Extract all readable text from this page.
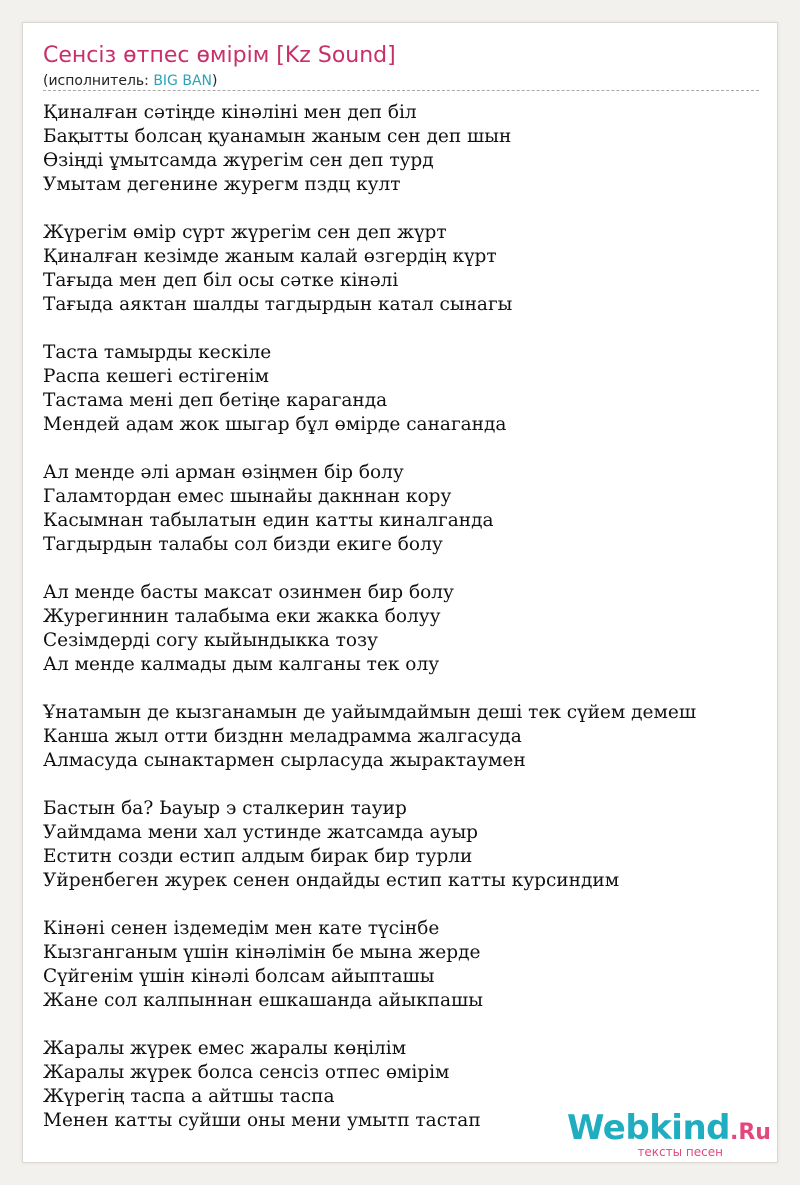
Сенсіз өтпес өмірім [Kz Sound]
(исполнитель: BIG BAN)
Қиналған сәтіңде кінәліні мен деп біл
Бақытты болсаң қуанамын жаным сен деп шын
Өзіңді ұмытсамда жүрегім сен деп турд
Умытам дегенине журегм пздц култ
Жүрегім өмір сүрт жүрегім сен деп жүрт
Қиналған кезімде жаным калай өзгердің күрт
Тағыда мен деп біл осы сәтке кінәлі
Тағыда аяктан шалды тагдырдын катал сынагы
Таста тамырды кескіле
Распа кешегі естігенім
Тастама мені деп бетіңе караганда
Мендей адам жок шыгар бұл өмірде санаганда
Ал менде әлі арман өзіңмен бір болу
Галамтордан емес шынайы дакннан кору
Касымнан табылатын един катты киналганда
Тагдырдын талабы сол бизди екиге болу
Ал менде басты максат озинмен бир болу
Журегиннин талабыма еки жакка болуу
Сезімдерді согу кыйындыкка тозу
Ал менде калмады дым калганы тек олу
Ұнатамын де кызганамын де уайымдаймын деші тек сүйем демеш
Канша жыл отти бизднн меладрамма жалгасуда
Алмасуда сынактармен сырласуда жырактаумен
Бастын ба? Ьауыр э сталкерин тауир
Уаймдама мени хал устинде жатсамда ауыр
Еститн созди естип алдым бирак бир турли
Уйренбеген журек сенен ондайды естип катты курсиндим
Кінәні сенен іздемедім мен кате түсінбе
Кызганганым үшін кінәлімін бе мына жерде
Сүйгенім үшін кінәлі болсам айыпташы
Жане сол калпыннан ешкашанда айыкпашы
Жаралы жүрек емес жаралы көңілім
Жаралы жүрек болса сенсіз отпес өмірім
Жүрегің таспа а айтшы таспа
Менен катты суйши оны мени умытп тастап	Webkind.Ru
тексты песен
